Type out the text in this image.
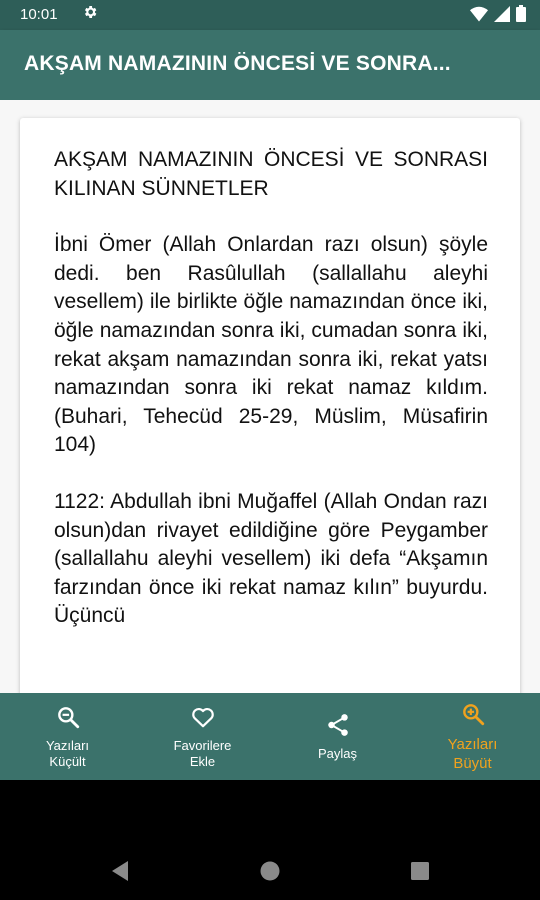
10:01
AKŞAM NAMAZININ ÖNCESİ VE SONRA...
AKŞAM NAMAZININ ÖNCESİ VE SONRASI KILINAN SÜNNETLER
İbni Ömer (Allah Onlardan razı olsun) şöyle dedi. ben Rasûlullah (sallallahu aleyhi vesellem) ile birlikte öğle namazından önce iki, öğle namazından sonra iki, cumadan sonra iki, rekat akşam namazından sonra iki, rekat yatsı namazından sonra iki rekat namaz kıldım. (Buhari, Tehecüd 25-29, Müslim, Müsafirin 104)
1122: Abdullah ibni Muğaffel (Allah Ondan razı olsun)dan rivayet edildiğine göre Peygamber (sallallahu aleyhi vesellem) iki defa “Akşamın farzından önce iki rekat namaz kılın” buyurdu. Üçüncü
Yazıları
Küçült
Favorilere
Ekle
Paylaş
Yazıları
Büyüt
